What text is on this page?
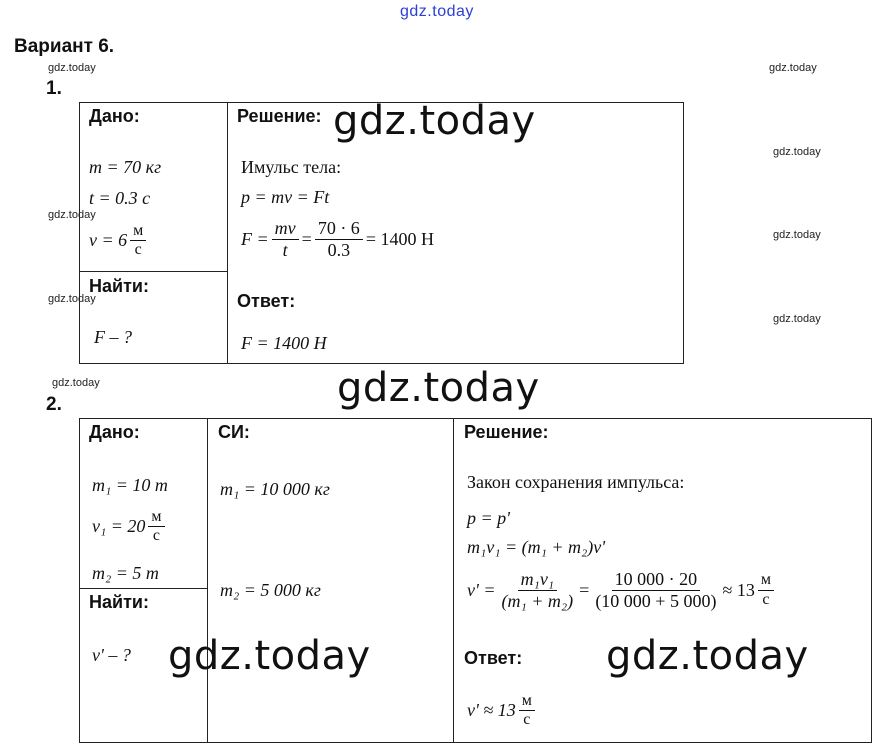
gdz.today
gdz.today	gdz.today
gdz.today
gdz.today
gdz.today
gdz.today
gdz.today
gdz.today
Вариант 6.
1.
Дано:
m = 70 кг
t = 0.3 с
$v = 6 \frac{м}{с}$
Найти:
F – ?
Решение:
Имульс тела:
p = mv = Ft
$F = \frac{mv}{t} = \frac{70 \cdot 6}{0.3} = 1400$ Н
Ответ:
F = 1400 Н
gdz.today
gdz.today
2.
Дано:
m₁ = 10 т
$v_1 = 20 \frac{м}{с}$
m₂ = 5 т
Найти:
v' – ?
СИ:
m₁ = 10 000 кг
m₂ = 5 000 кг
Решение:
Закон сохранения импульса:
p = p'
m₁v₁ = (m₁ + m₂)v'
$v' = \frac{\text{m₁v₁}}{\text{(m₁ + m₂)}} = \frac{10 000 \cdot 20}{(10 000 + 5 000)} \approx 13 \frac{м}{с}$
Ответ:
$v' \approx 13 \frac{м}{с}$
gdz.today	gdz.today
